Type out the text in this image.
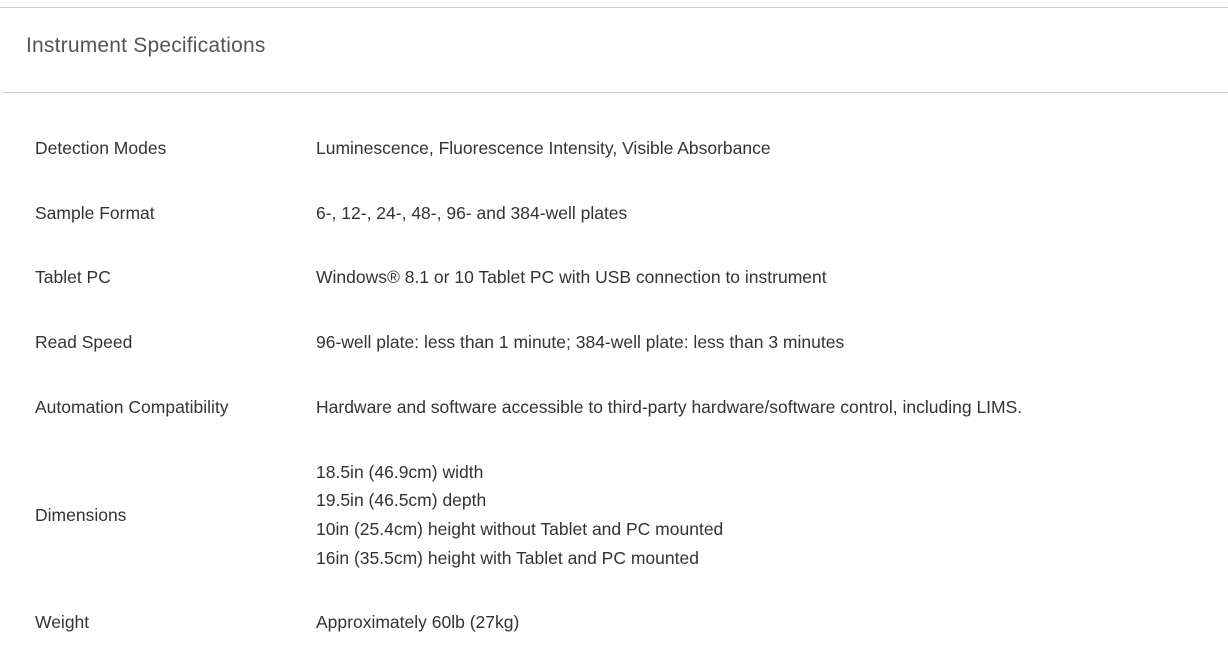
Instrument Specifications
Detection Modes	Luminescence, Fluorescence Intensity, Visible Absorbance

Sample Format	6-, 12-, 24-, 48-, 96- and 384-well plates

Tablet PC	Windows® 8.1 or 10 Tablet PC with USB connection to instrument

Read Speed	96-well plate: less than 1 minute; 384-well plate: less than 3 minutes

Automation Compatibility	Hardware and software accessible to third-party hardware/software control, including LIMS.

Dimensions	18.5in (46.9cm) width
19.5in (46.5cm) depth
10in (25.4cm) height without Tablet and PC mounted
16in (35.5cm) height with Tablet and PC mounted

Weight	Approximately 60lb (27kg)
